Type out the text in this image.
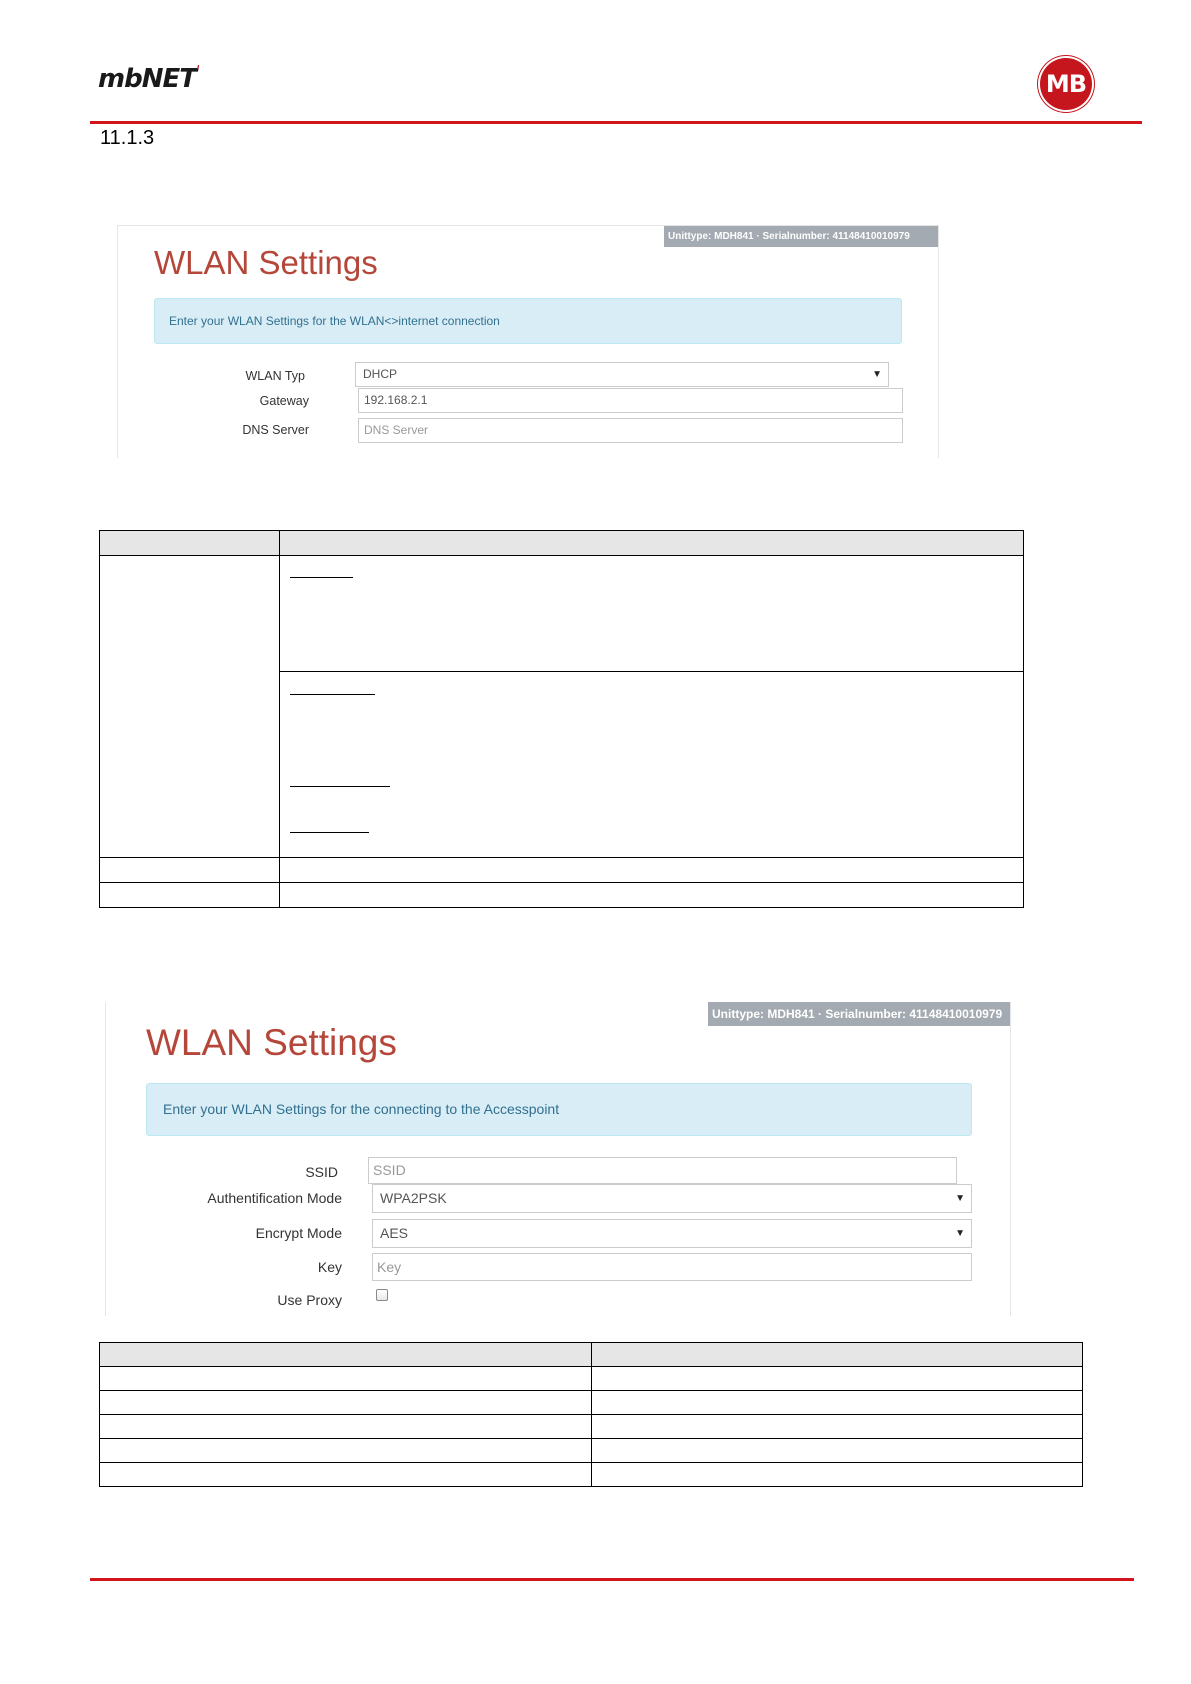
mbNET$^ˈ$	MB
11.1.3
Unittype: MDH841 · Serialnumber: 41148410010979
WLAN Settings
Enter your WLAN Settings for the WLAN<>internet connection
WLAN Typ	DHCP	▼
Gateway	192.168.2.1
DNS Server	DNS Server

Unittype: MDH841 · Serialnumber: 41148410010979
WLAN Settings
Enter your WLAN Settings for the connecting to the Accesspoint
SSID	SSID
Authentification Mode	WPA2PSK	▼
Encrypt Mode	AES	▼
Key	Key
Use Proxy
